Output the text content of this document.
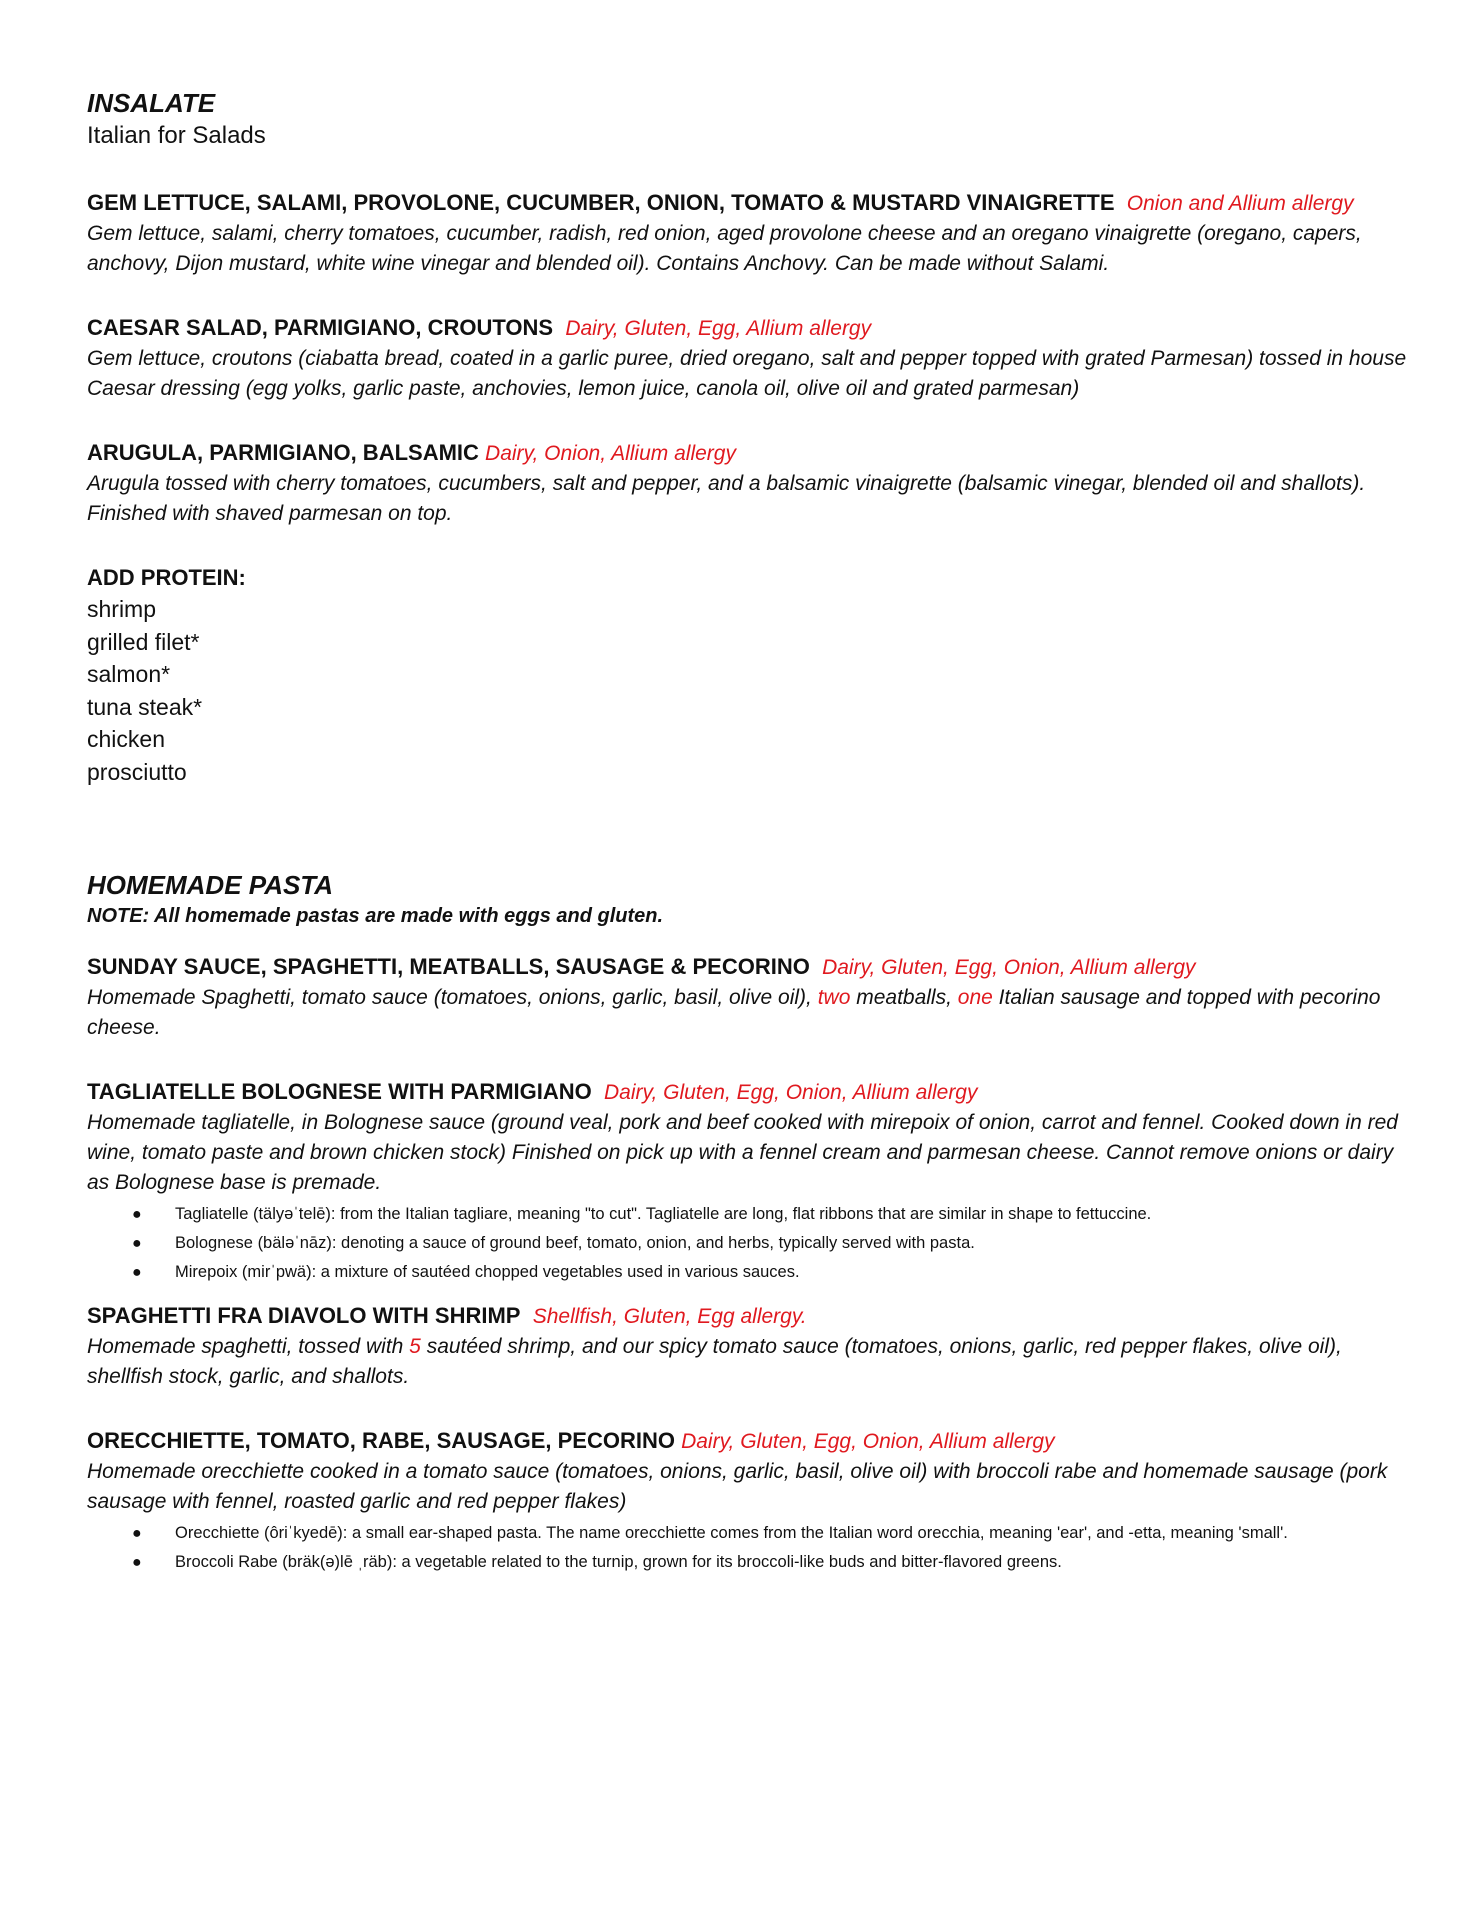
INSALATE

Italian for Salads

GEM LETTUCE, SALAMI, PROVOLONE, CUCUMBER, ONION, TOMATO & MUSTARD VINAIGRETTE Onion and Allium allergy

Gem lettuce, salami, cherry tomatoes, cucumber, radish, red onion, aged provolone cheese and an oregano vinaigrette (oregano, capers, anchovy, Dijon mustard, white wine vinegar and blended oil). Contains Anchovy. Can be made without Salami.

CAESAR SALAD, PARMIGIANO, CROUTONS Dairy, Gluten, Egg, Allium allergy

Gem lettuce, croutons (ciabatta bread, coated in a garlic puree, dried oregano, salt and pepper topped with grated Parmesan) tossed in house Caesar dressing (egg yolks, garlic paste, anchovies, lemon juice, canola oil, olive oil and grated parmesan)

ARUGULA, PARMIGIANO, BALSAMIC Dairy, Onion, Allium allergy

Arugula tossed with cherry tomatoes, cucumbers, salt and pepper, and a balsamic vinaigrette (balsamic vinegar, blended oil and shallots). Finished with shaved parmesan on top.

ADD PROTEIN:

shrimp
grilled filet*
salmon*
tuna steak*
chicken
prosciutto
HOMEMADE PASTA

NOTE: All homemade pastas are made with eggs and gluten.

SUNDAY SAUCE, SPAGHETTI, MEATBALLS, SAUSAGE & PECORINO Dairy, Gluten, Egg, Onion, Allium allergy

Homemade Spaghetti, tomato sauce (tomatoes, onions, garlic, basil, olive oil), two meatballs, one Italian sausage and topped with pecorino cheese.

TAGLIATELLE BOLOGNESE WITH PARMIGIANO Dairy, Gluten, Egg, Onion, Allium allergy

Homemade tagliatelle, in Bolognese sauce (ground veal, pork and beef cooked with mirepoix of onion, carrot and fennel. Cooked down in red wine, tomato paste and brown chicken stock) Finished on pick up with a fennel cream and parmesan cheese. Cannot remove onions or dairy as Bolognese base is premade.

● Tagliatelle (tälyəˈtelē): from the Italian tagliare, meaning "to cut". Tagliatelle are long, flat ribbons that are similar in shape to fettuccine.
● Bolognese (bäləˈnāz): denoting a sauce of ground beef, tomato, onion, and herbs, typically served with pasta.
● Mirepoix (mirˈpwä): a mixture of sautéed chopped vegetables used in various sauces.

SPAGHETTI FRA DIAVOLO WITH SHRIMP Shellfish, Gluten, Egg allergy.

Homemade spaghetti, tossed with 5 sautéed shrimp, and our spicy tomato sauce (tomatoes, onions, garlic, red pepper flakes, olive oil), shellfish stock, garlic, and shallots.

ORECCHIETTE, TOMATO, RABE, SAUSAGE, PECORINO Dairy, Gluten, Egg, Onion, Allium allergy

Homemade orecchiette cooked in a tomato sauce (tomatoes, onions, garlic, basil, olive oil) with broccoli rabe and homemade sausage (pork sausage with fennel, roasted garlic and red pepper flakes)

● Orecchiette (ôriˈkyedē): a small ear-shaped pasta. The name orecchiette comes from the Italian word orecchia, meaning 'ear', and -etta, meaning 'small'.
● Broccoli Rabe (bräk(ə)lē ˌräb): a vegetable related to the turnip, grown for its broccoli-like buds and bitter-flavored greens.
